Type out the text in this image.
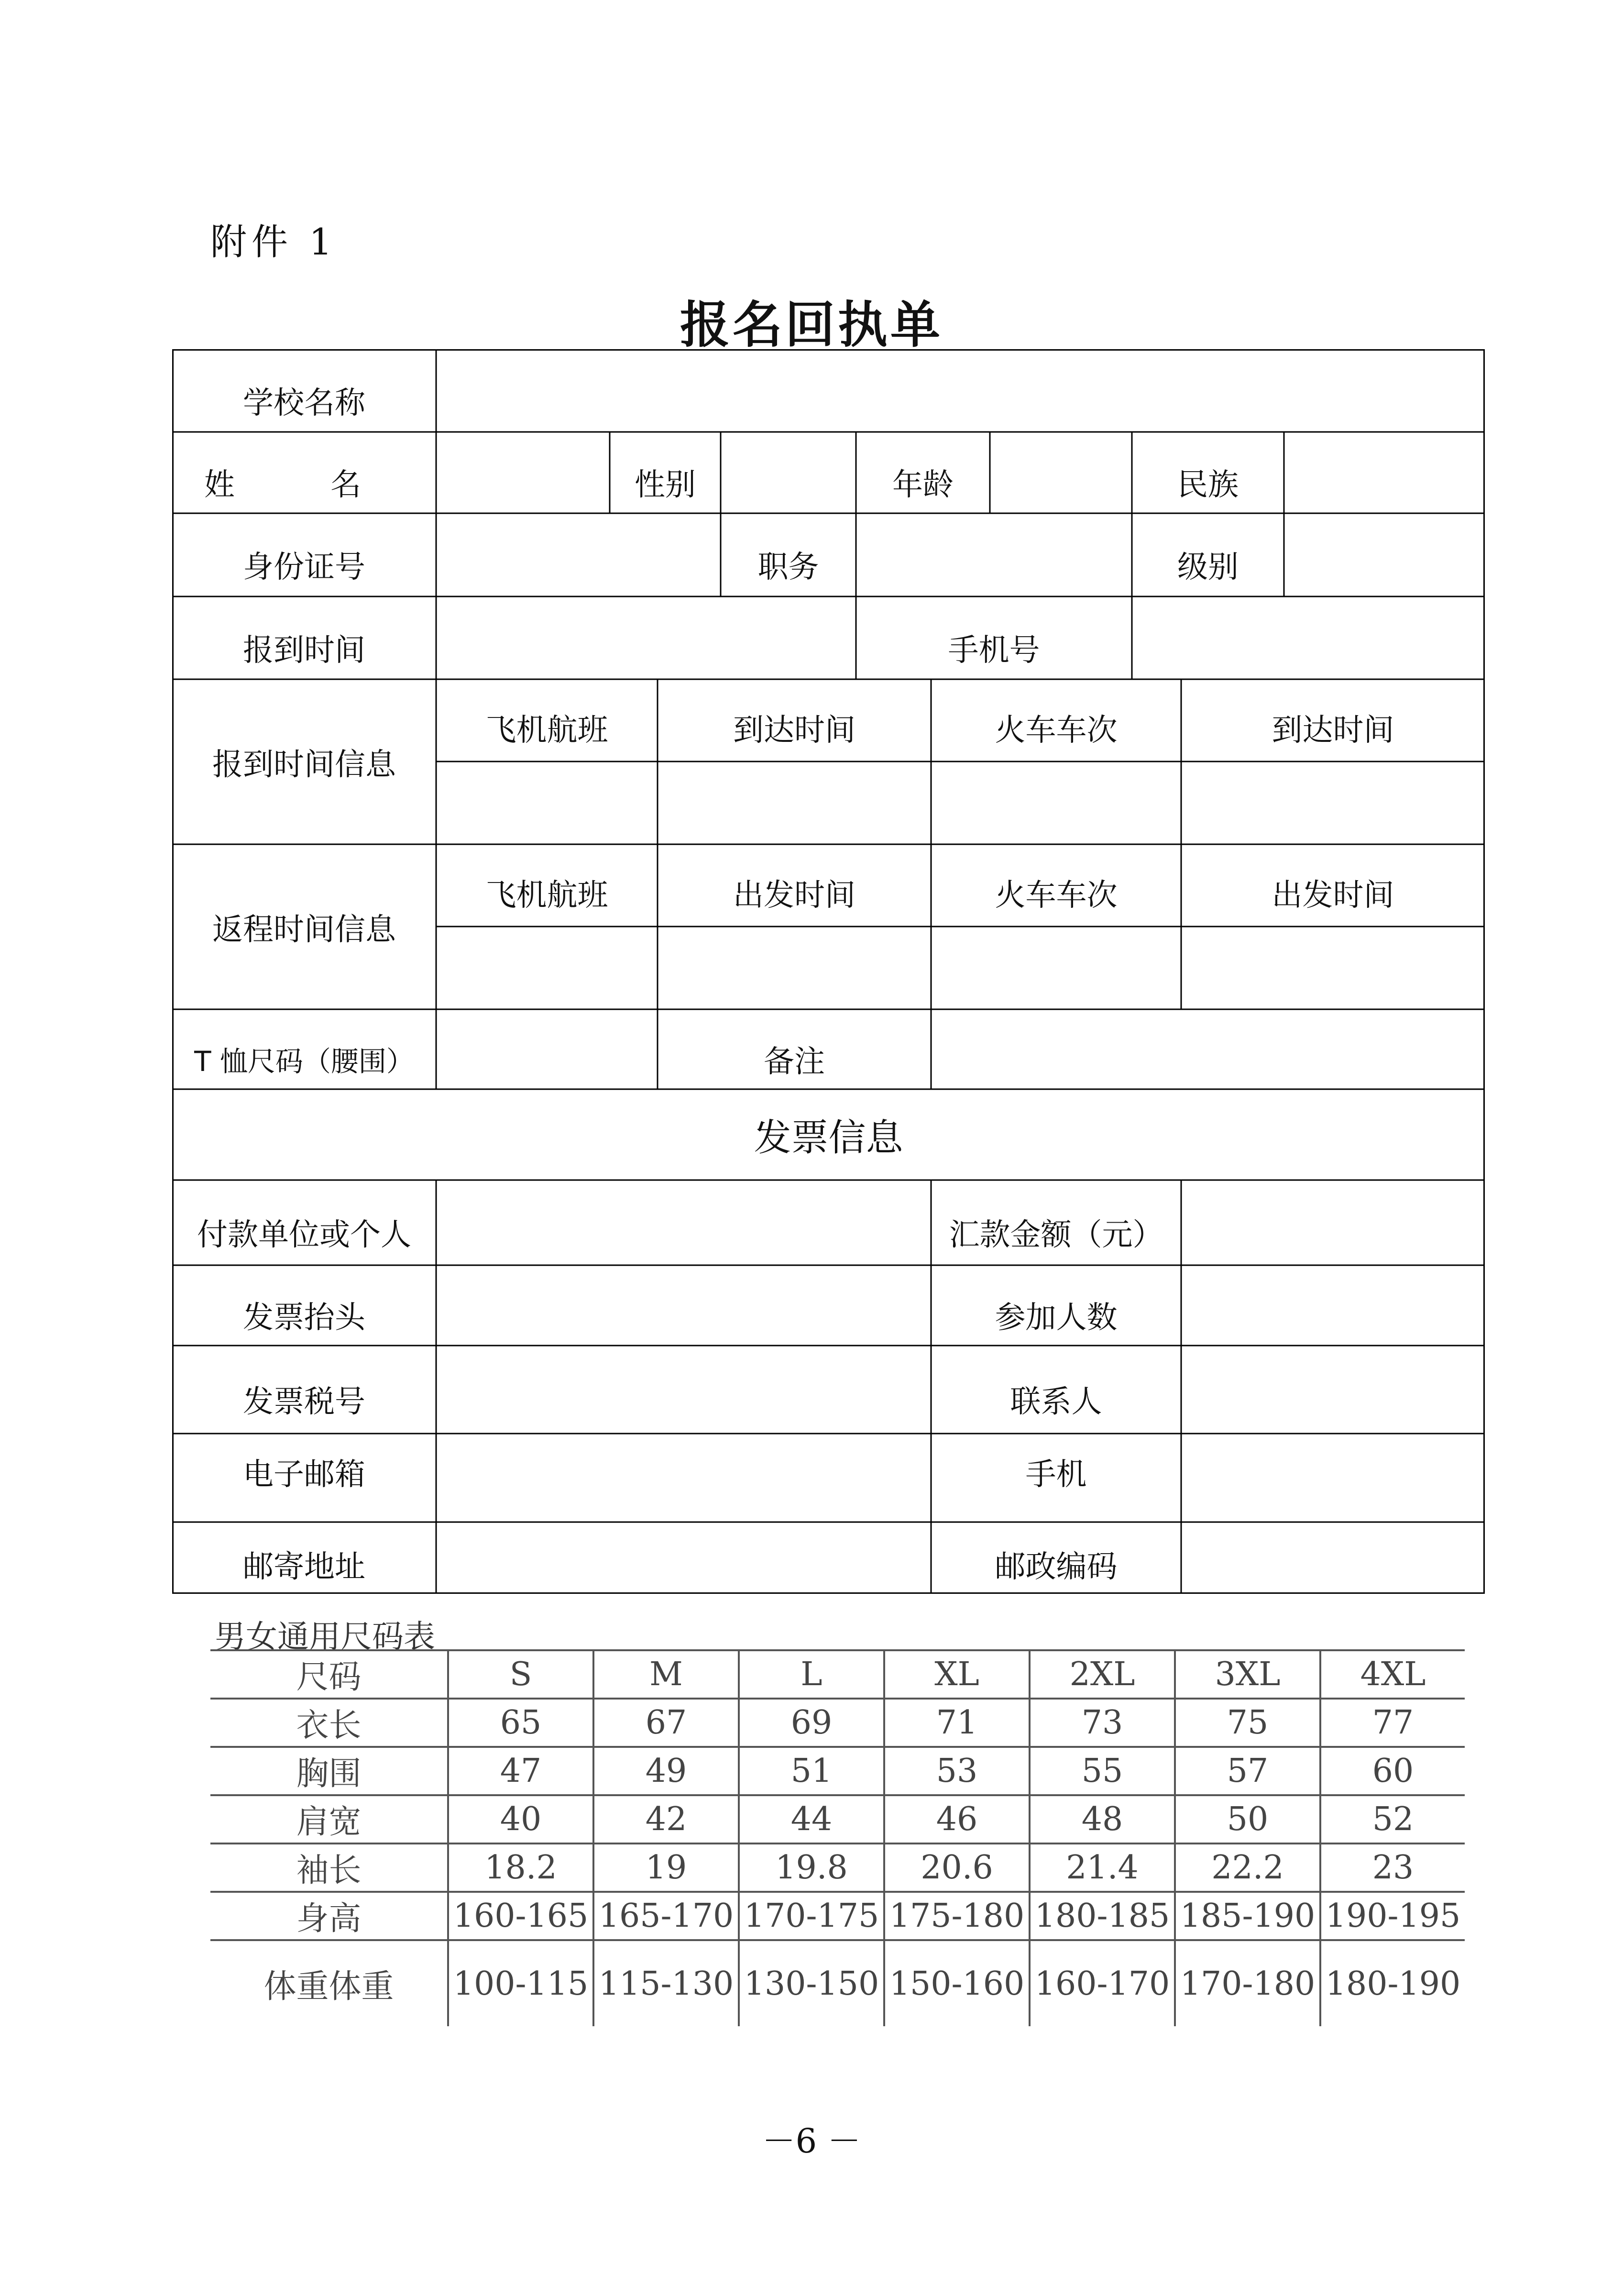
附件 1
报名回执单
学校名称
姓 名	性别	年龄	民族
身份证号	职务	级别
报到时间	手机号
报到时间信息
飞机航班	到达时间	火车车次	到达时间
返程时间信息
飞机航班	出发时间	火车车次	出发时间
T 恤尺码（腰围）	备注
发票信息
付款单位或个人	汇款金额（元）
发票抬头	参加人数
发票税号	联系人
电子邮箱	手机
邮寄地址	邮政编码
男女通用尺码表
尺码	S	M	L	XL	2XL	3XL	4XL
衣长	65	67	69	71	73	75	77
胸围	47	49	51	53	55	57	60
肩宽	40	42	44	46	48	50	52
袖长	18.2	19	19.8	20.6	21.4	22.2	23
身高	160-165	165-170	170-175	175-180	180-185	185-190	190-195
体重体重	100-115	115-130	130-150	150-160	160-170	170-180	180-190
－6 －
